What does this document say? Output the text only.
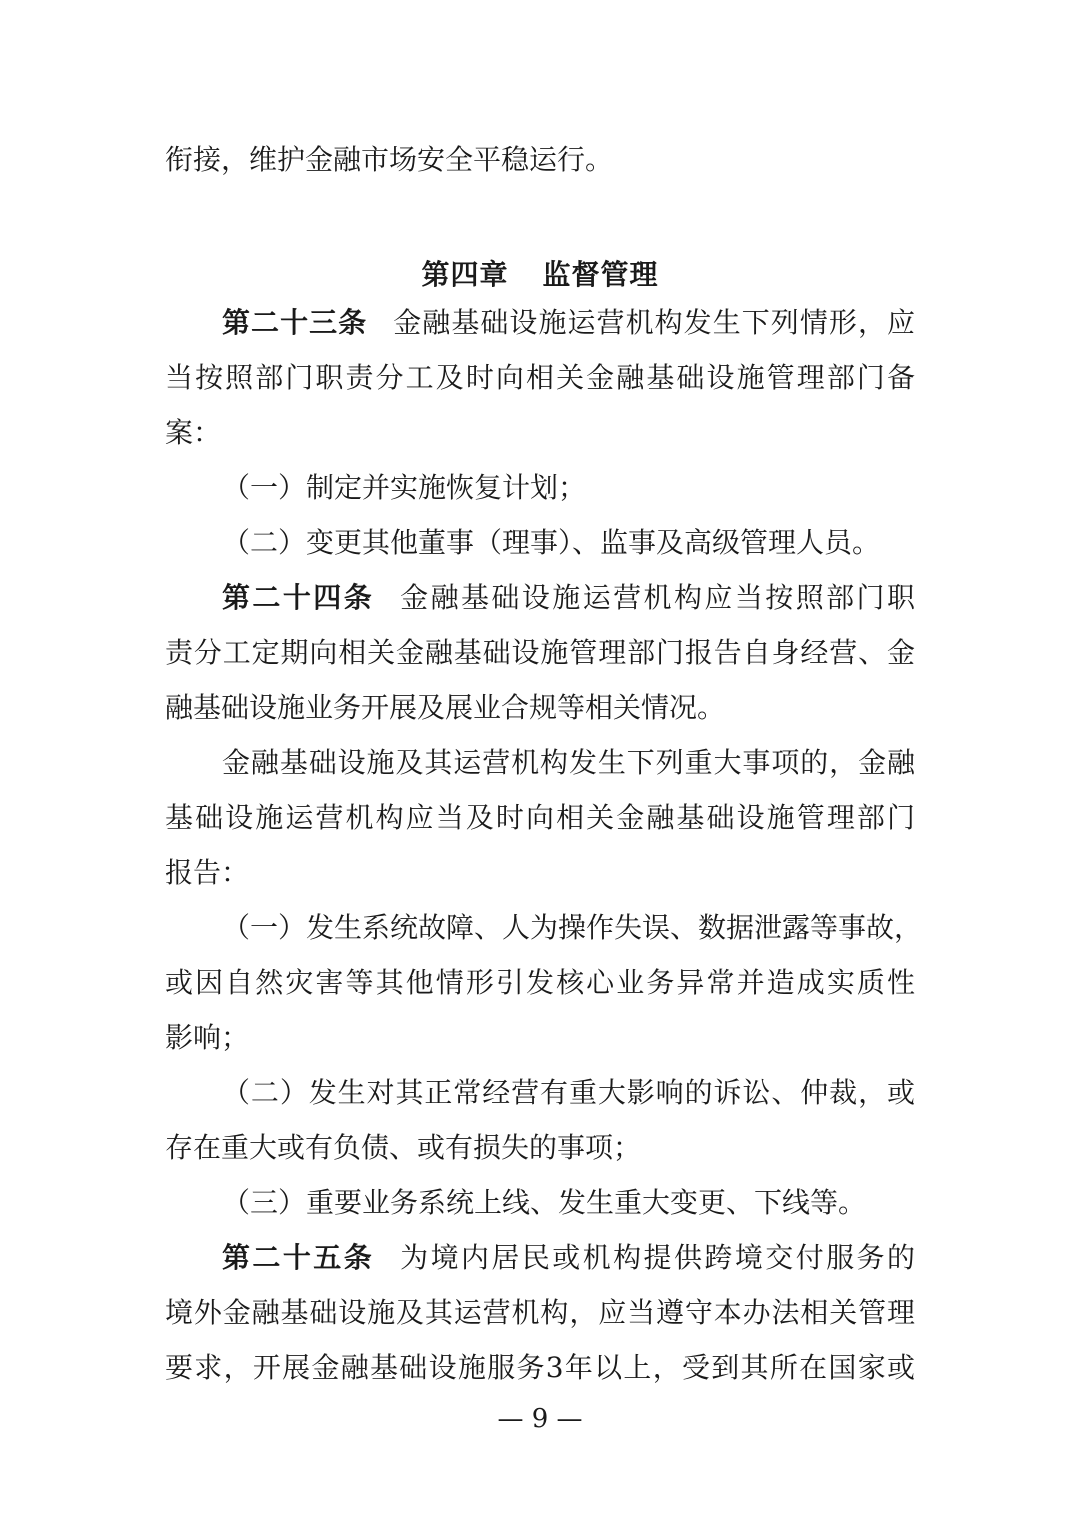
衔接，维护金融市场安全平稳运行。
第四章 监督管理
第二十三条 金融基础设施运营机构发生下列情形，应
当按照部门职责分工及时向相关金融基础设施管理部门备
案：
（一）制定并实施恢复计划；
（二）变更其他董事（理事）、监事及高级管理人员。
第二十四条 金融基础设施运营机构应当按照部门职
责分工定期向相关金融基础设施管理部门报告自身经营、金
融基础设施业务开展及展业合规等相关情况。
金融基础设施及其运营机构发生下列重大事项的，金融
基础设施运营机构应当及时向相关金融基础设施管理部门
报告：
（一）发生系统故障、人为操作失误、数据泄露等事故，
或因自然灾害等其他情形引发核心业务异常并造成实质性
影响；
（二）发生对其正常经营有重大影响的诉讼、仲裁，或
存在重大或有负债、或有损失的事项；
（三）重要业务系统上线、发生重大变更、下线等。
第二十五条 为境内居民或机构提供跨境交付服务的
境外金融基础设施及其运营机构，应当遵守本办法相关管理
要求，开展金融基础设施服务3年以上，受到其所在国家或
— 9 —
